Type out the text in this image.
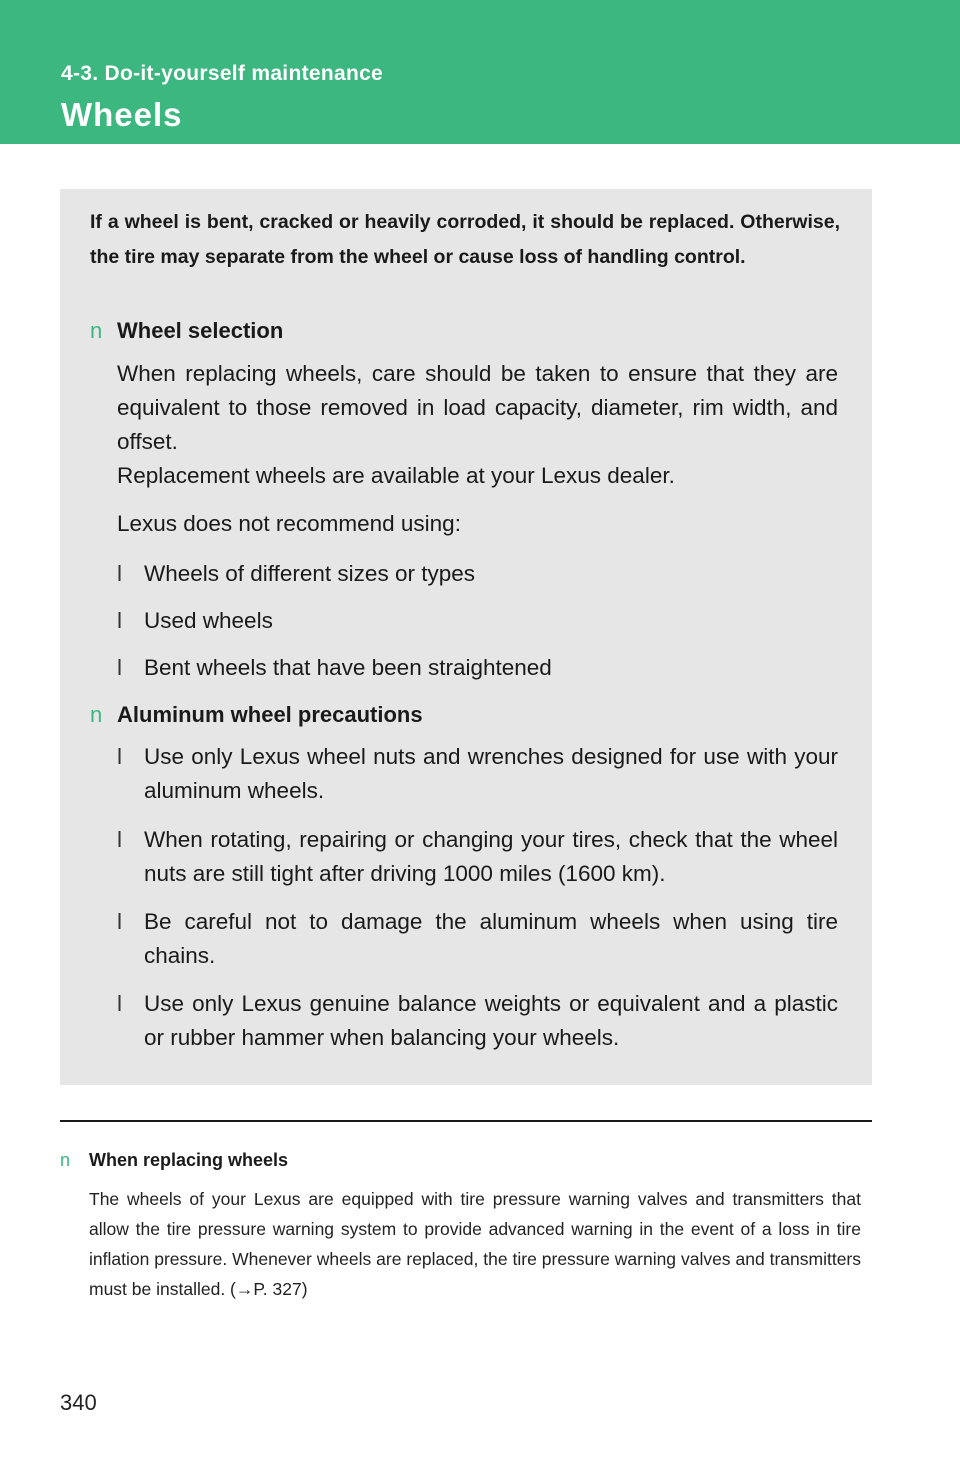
4-3. Do-it-yourself maintenance
Wheels
If a wheel is bent, cracked or heavily corroded, it should be replaced. Otherwise, the tire may separate from the wheel or cause loss of handling control.
n Wheel selection
When replacing wheels, care should be taken to ensure that they are equivalent to those removed in load capacity, diameter, rim width, and offset.
Replacement wheels are available at your Lexus dealer.
Lexus does not recommend using:
l Wheels of different sizes or types
l Used wheels
l Bent wheels that have been straightened
n Aluminum wheel precautions
l Use only Lexus wheel nuts and wrenches designed for use with your aluminum wheels.
l When rotating, repairing or changing your tires, check that the wheel nuts are still tight after driving 1000 miles (1600 km).
l Be careful not to damage the aluminum wheels when using tire chains.
l Use only Lexus genuine balance weights or equivalent and a plastic or rubber hammer when balancing your wheels.
n When replacing wheels
The wheels of your Lexus are equipped with tire pressure warning valves and transmitters that allow the tire pressure warning system to provide advanced warning in the event of a loss in tire inflation pressure. Whenever wheels are replaced, the tire pressure warning valves and transmitters must be installed. (→P. 327)
340
